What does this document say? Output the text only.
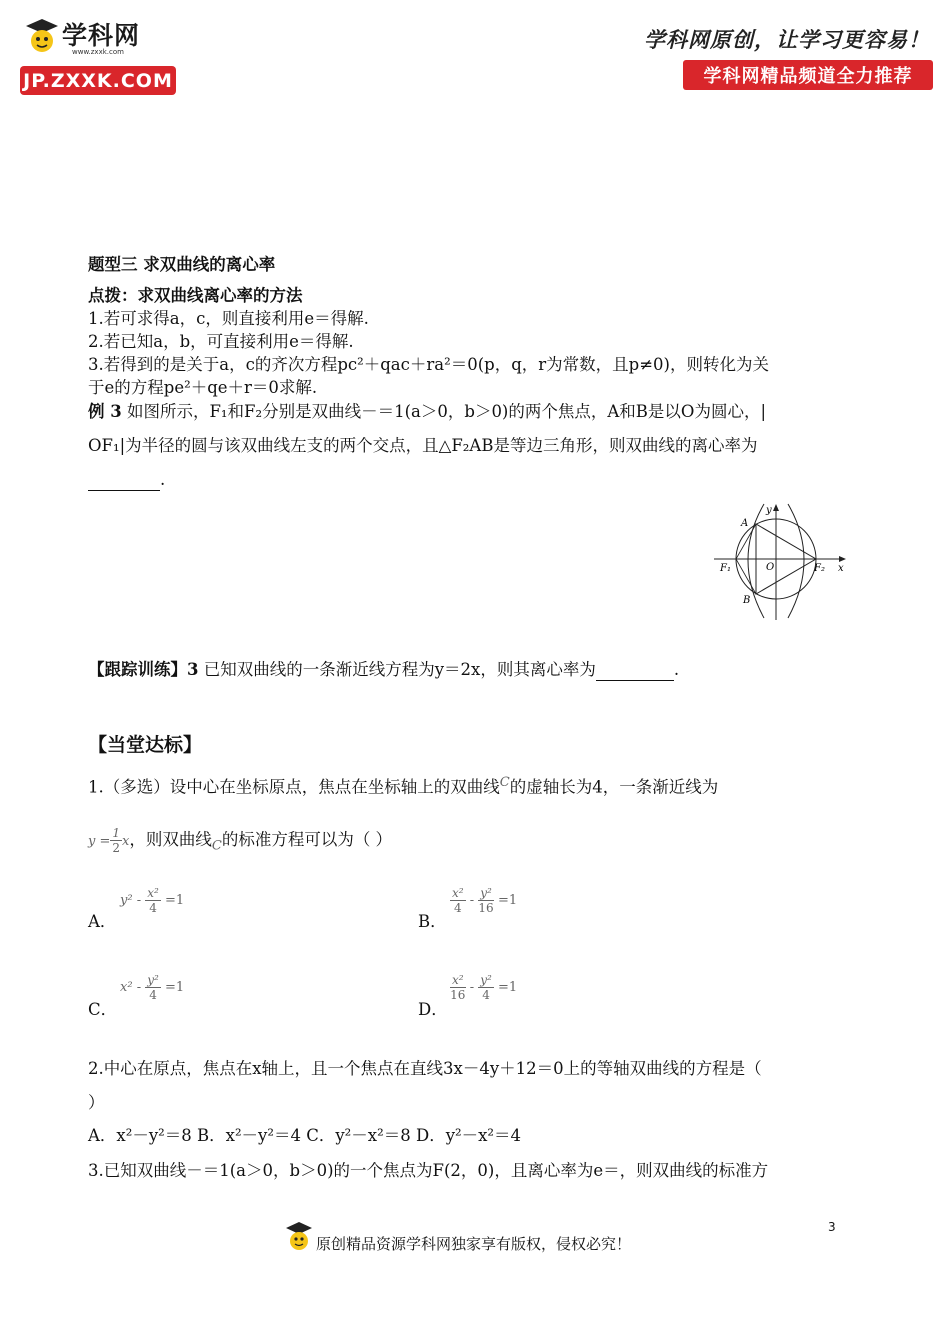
学科网
www.zxxk.com
JP.ZXXK.COM
学科网原创，让学习更容易！
学科网精品频道全力推荐
题型三 求双曲线的离心率
点拨：求双曲线离心率的方法
1.若可求得a，c，则直接利用e＝得解.
2.若已知a，b，可直接利用e＝得解.
3.若得到的是关于a，c的齐次方程pc²＋qac＋ra²＝0(p，q，r为常数，且p≠0)，则转化为关
于e的方程pe²＋qe＋r＝0求解.
例 3 如图所示，F₁和F₂分别是双曲线－＝1(a＞0，b＞0)的两个焦点，A和B是以O为圆心，|
OF₁|为半径的圆与该双曲线左支的两个交点，且△F₂AB是等边三角形，则双曲线的离心率为
.
A
B
O
F₁	F₂ x
y
【跟踪训练】3 已知双曲线的一条渐近线方程为y＝2x，则其离心率为	.
【当堂达标】
1.（多选）设中心在坐标原点，焦点在坐标轴上的双曲线$^C$的虚轴长为4，一条渐近线为
$y = \frac{1}{2}$ x，则双曲线$_C$的标准方程可以为（ ）
A．
$y^2 - \frac{\text{x²}}{4} =1$
B．
$\frac{\text{x²}}{4} - \frac{\text{y²}}{16} =1$
C．
$x^2 - \frac{\text{y²}}{4} =1$
D．
$\frac{\text{x²}}{16} - \frac{\text{y²}}{4} =1$
2.中心在原点，焦点在x轴上，且一个焦点在直线3x－4y＋12＝0上的等轴双曲线的方程是（
）
A．x²－y²＝8 B．x²－y²＝4 C．y²－x²＝8 D．y²－x²＝4
3.已知双曲线－＝1(a＞0，b＞0)的一个焦点为F(2，0)，且离心率为e＝，则双曲线的标准方
3
原创精品资源学科网独家享有版权，侵权必究！
